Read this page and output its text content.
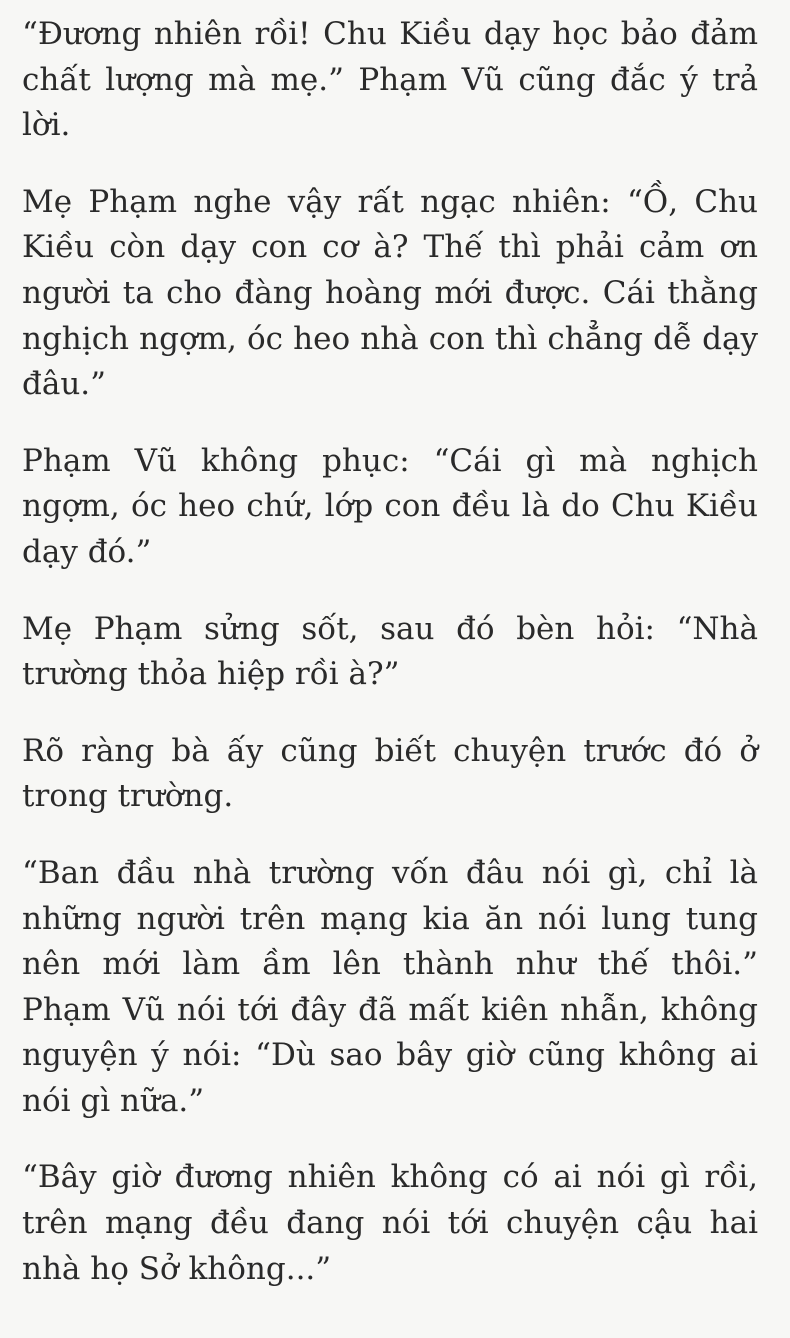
“Đương nhiên rồi! Chu Kiều dạy học bảo đảm chất lượng mà mẹ.” Phạm Vũ cũng đắc ý trả lời.

Mẹ Phạm nghe vậy rất ngạc nhiên: “Ồ, Chu Kiều còn dạy con cơ à? Thế thì phải cảm ơn người ta cho đàng hoàng mới được. Cái thằng nghịch ngợm, óc heo nhà con thì chẳng dễ dạy đâu.”

Phạm Vũ không phục: “Cái gì mà nghịch ngợm, óc heo chứ, lớp con đều là do Chu Kiều dạy đó.”

Mẹ Phạm sửng sốt, sau đó bèn hỏi: “Nhà trường thỏa hiệp rồi à?”

Rõ ràng bà ấy cũng biết chuyện trước đó ở trong trường.

“Ban đầu nhà trường vốn đâu nói gì, chỉ là những người trên mạng kia ăn nói lung tung nên mới làm ầm lên thành như thế thôi.” Phạm Vũ nói tới đây đã mất kiên nhẫn, không nguyện ý nói: “Dù sao bây giờ cũng không ai nói gì nữa.”

“Bây giờ đương nhiên không có ai nói gì rồi, trên mạng đều đang nói tới chuyện cậu hai nhà họ Sở không...”
